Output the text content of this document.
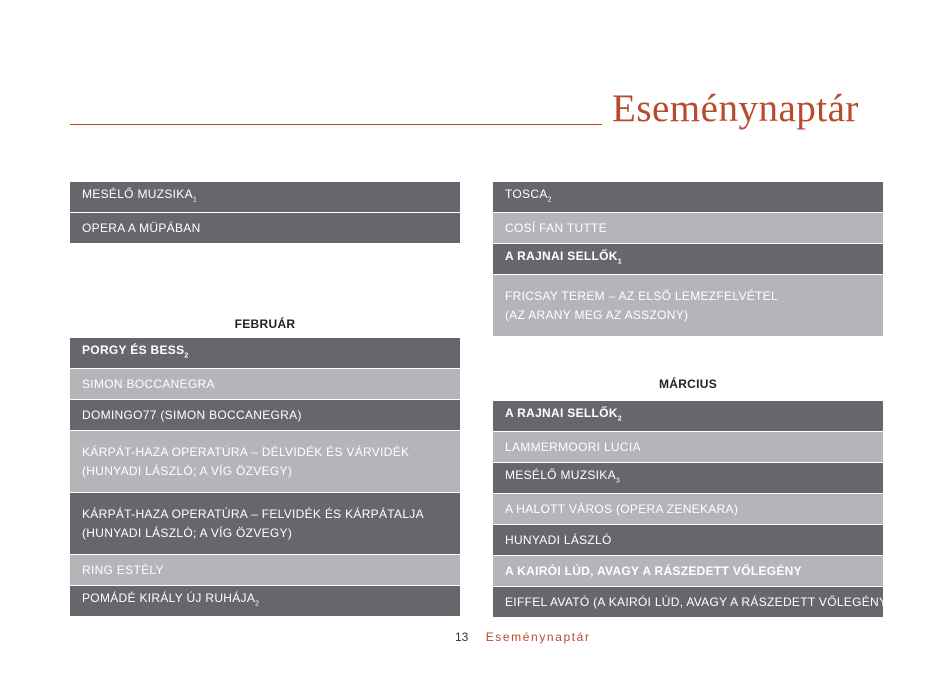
Eseménynaptár
MESÉLŐ $MUZSIKA_1$
OPERA A MÜPÁBAN
FEBRUÁR
PORGY ÉS $BESS_2$
SIMON BOCCANEGRA
DOMINGO77 (SIMON BOCCANEGRA)
KÁRPÁT-HAZA OPERATÚRA – DÉLVIDÉK ÉS VÁRVIDÉK
(HUNYADI LÁSZLÓ; A VÍG ÖZVEGY)
KÁRPÁT-HAZA OPERATÚRA – FELVIDÉK ÉS KÁRPÁTALJA
(HUNYADI LÁSZLÓ; A VÍG ÖZVEGY)
RING ESTÉLY
POMÁDÉ KIRÁLY ÚJ $RUHÁJA_2$
$TOSCA_2$
COSÍ FAN TUTTE
A RAJNAI $SELLŐK_1$
FRICSAY TEREM – AZ ELSŐ LEMEZFELVÉTEL
(AZ ARANY MEG AZ ASSZONY)
MÁRCIUS
A RAJNAI $SELLŐK_2$
LAMMERMOORI LUCIA
MESÉLŐ $MUZSIKA_3$
A HALOTT VÁROS (OPERA ZENEKARA)
HUNYADI LÁSZLÓ
A KAIRÓI LÚD, AVAGY A RÁSZEDETT VŐLEGÉNY
EIFFEL AVATÓ (A KAIRÓI LÚD, AVAGY A RÁSZEDETT VŐLEGÉNY)
13 Eseménynaptár
